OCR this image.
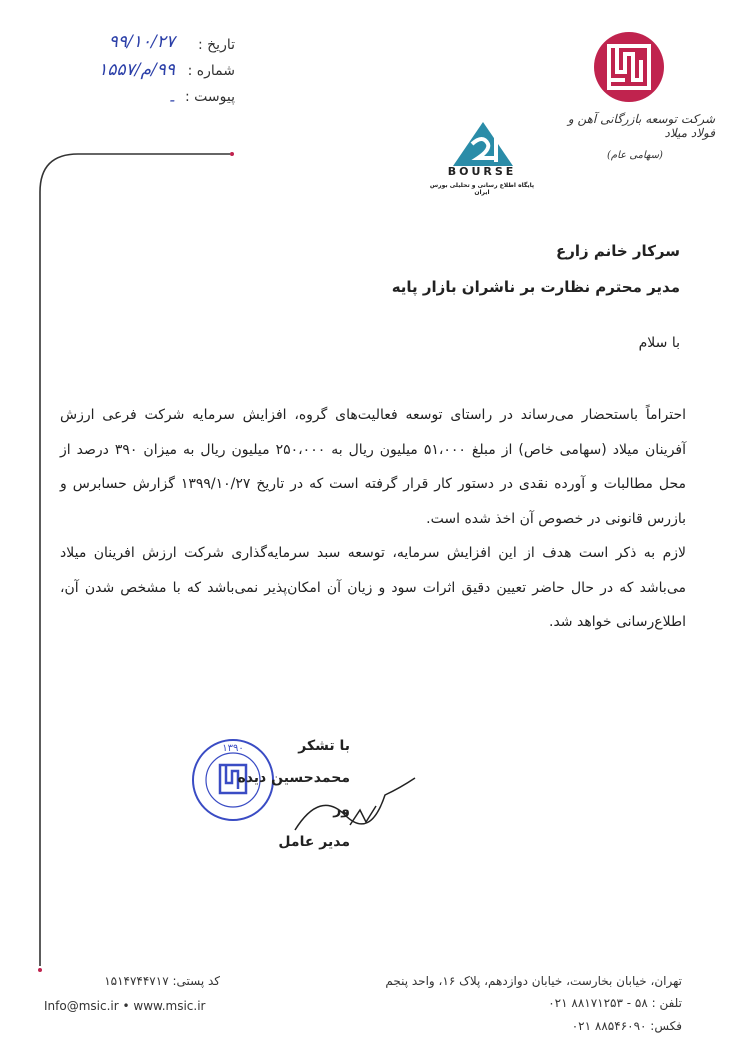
تاریخ :
شماره :
پیوست :
۹۹/۱۰/۲۷
۹۹/م/۱۵۵۷
-
شرکت توسعه بازرگانی آهن و فولاد میلاد
(سهامی عام)
BOURSE
پایگاه اطلاع رسانی و تحلیلی بورس ایران
سرکار خانم زارع
مدیر محترم نظارت بر ناشران بازار پایه
با سلام
احتراماً باستحضار می‌رساند در راستای توسعه فعالیت‌های گروه، افزایش سرمایه شرکت فرعی ارزش آفرینان میلاد (سهامی خاص) از مبلغ ۵۱،۰۰۰ میلیون ریال به ۲۵۰،۰۰۰ میلیون ریال به میزان ۳۹۰ درصد از محل مطالبات و آورده نقدی در دستور کار قرار گرفته است که در تاریخ ۱۳۹۹/۱۰/۲۷ گزارش حسابرس و بازرس قانونی در خصوص آن اخذ شده است.
لازم به ذکر است هدف از این افزایش سرمایه، توسعه سبد سرمایه‌گذاری شرکت ارزش افرینان میلاد می‌باشد که در حال حاضر تعیین دقیق اثرات سود و زیان آن امکان‌پذیر نمی‌باشد که با مشخص شدن آن، اطلاع‌رسانی خواهد شد.
۱۳۹۰	با تشکر
محمدحسین دیده ور
مدیر عامل
تهران، خیابان بخارست، خیابان دوازدهم، پلاک ۱۶، واحد پنجم
تلفن : ۵۸ - ۸۸۱۷۱۲۵۳ ۰۲۱
فکس: ۸۸۵۴۶۰۹۰ ۰۲۱
کد پستی: ۱۵۱۴۷۴۴۷۱۷
Info@msic.ir • www.msic.ir
